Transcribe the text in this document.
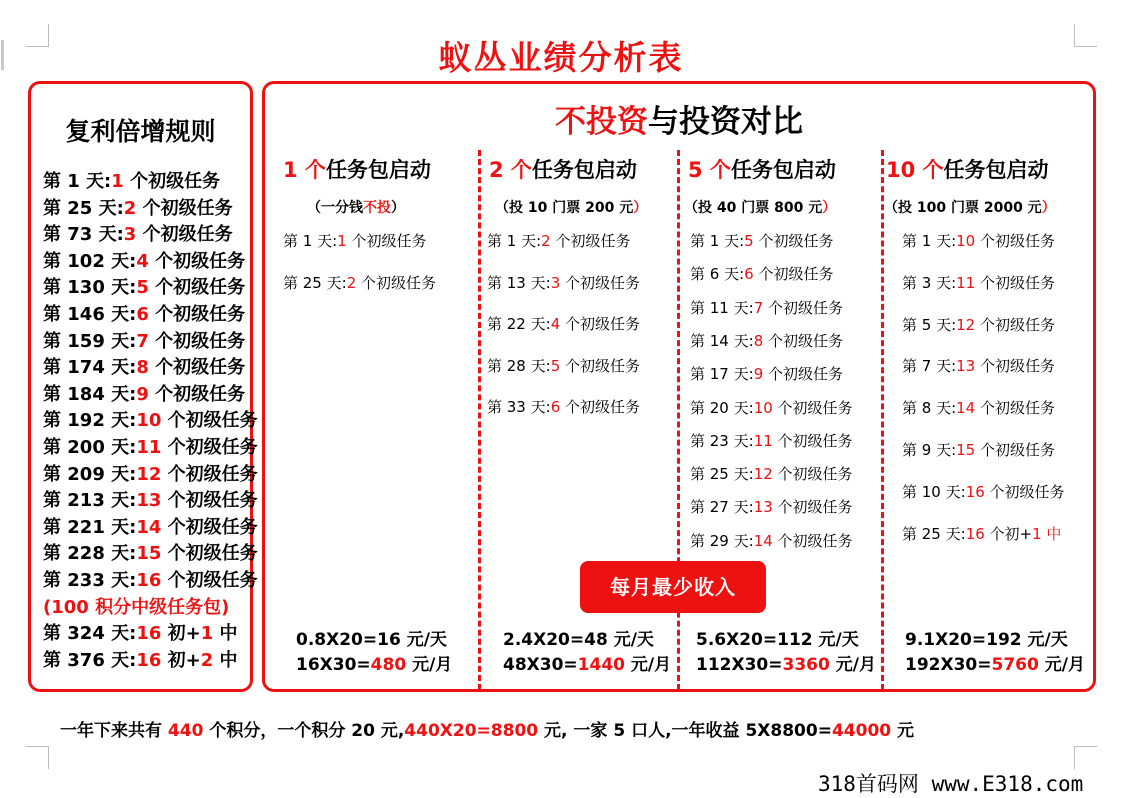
蚁丛业绩分析表
复利倍增规则
第 1 天:1 个初级任务
第 25 天:2 个初级任务
第 73 天:3 个初级任务
第 102 天:4 个初级任务
第 130 天:5 个初级任务
第 146 天:6 个初级任务
第 159 天:7 个初级任务
第 174 天:8 个初级任务
第 184 天:9 个初级任务
第 192 天:10 个初级任务
第 200 天:11 个初级任务
第 209 天:12 个初级任务
第 213 天:13 个初级任务
第 221 天:14 个初级任务
第 228 天:15 个初级任务
第 233 天:16 个初级任务
(100 积分中级任务包)
第 324 天:16 初+1 中
第 376 天:16 初+2 中
不投资与投资对比
1 个任务包启动
（一分钱不投）
第 1 天:1 个初级任务
第 25 天:2 个初级任务
0.8X20=16 元/天
16X30=480 元/月
2 个任务包启动
（投 10 门票 200 元）
第 1 天:2 个初级任务
第 13 天:3 个初级任务
第 22 天:4 个初级任务
第 28 天:5 个初级任务
第 33 天:6 个初级任务
2.4X20=48 元/天
48X30=1440 元/月
5 个任务包启动
（投 40 门票 800 元）
第 1 天:5 个初级任务
第 6 天:6 个初级任务
第 11 天:7 个初级任务
第 14 天:8 个初级任务
第 17 天:9 个初级任务
第 20 天:10 个初级任务
第 23 天:11 个初级任务
第 25 天:12 个初级任务
第 27 天:13 个初级任务
第 29 天:14 个初级任务
5.6X20=112 元/天
112X30=3360 元/月
10 个任务包启动
（投 100 门票 2000 元）
第 1 天:10 个初级任务
第 3 天:11 个初级任务
第 5 天:12 个初级任务
第 7 天:13 个初级任务
第 8 天:14 个初级任务
第 9 天:15 个初级任务
第 10 天:16 个初级任务
第 25 天:16 个初+1 中
9.1X20=192 元/天
192X30=5760 元/月
每月最少收入
一年下来共有 440 个积分，一个积分 20 元,440X20=8800 元, 一家 5 口人,一年收益 5X8800=44000 元
318首码网 www.E318.com
